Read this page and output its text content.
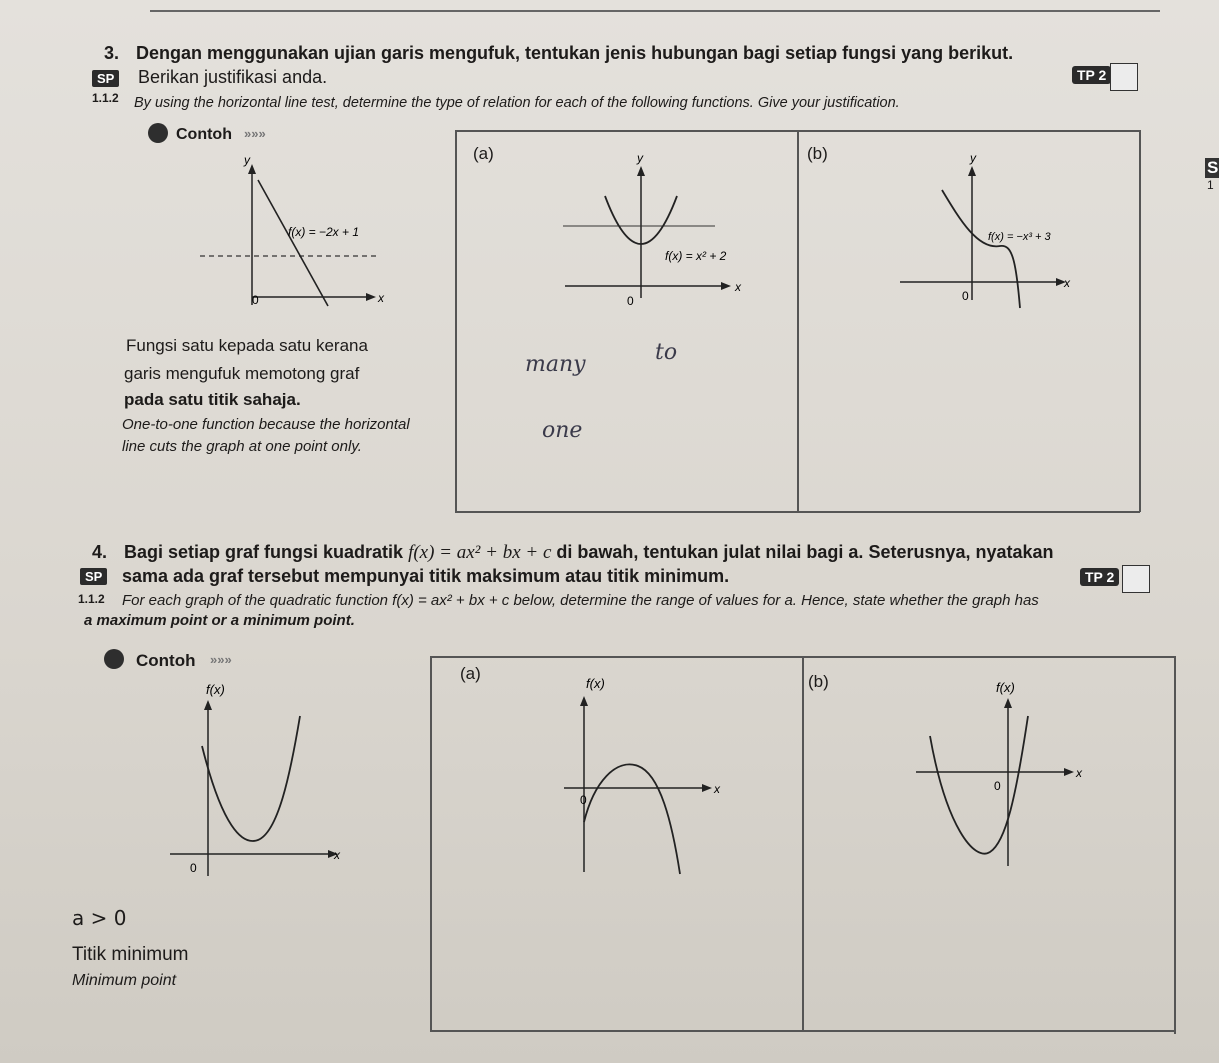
3. Dengan menggunakan ujian garis mengufuk, tentukan jenis hubungan bagi setiap fungsi yang berikut.
SP Berikan justifikasi anda.
1.1.2
TP 2
By using the horizontal line test, determine the type of relation for each of the following functions. Give your justification.
Contoh »»»
y
f(x) = −2x + 1
0	x
Fungsi satu kepada satu kerana
garis mengufuk memotong graf
pada satu titik sahaja.
One-to-one function because the horizontal
line cuts the graph at one point only.
(a)	y
f(x) = x² + 2
0
x
many	to
one
(b)	y
f(x) = −x³ + 3
0
x
S
1
4. Bagi setiap graf fungsi kuadratik f(x) = ax² + bx + c di bawah, tentukan julat nilai bagi a. Seterusnya, nyatakan
SP sama ada graf tersebut mempunyai titik maksimum atau titik minimum.	TP 2
1.1.2 For each graph of the quadratic function f(x) = ax² + bx + c below, determine the range of values for a. Hence, state whether the graph has
a maximum point or a minimum point.
Contoh »»»
f(x)
0
x
a > 0
Titik minimum
Minimum point
(a)
f(x)
0
x
(b)	f(x)
0
x
